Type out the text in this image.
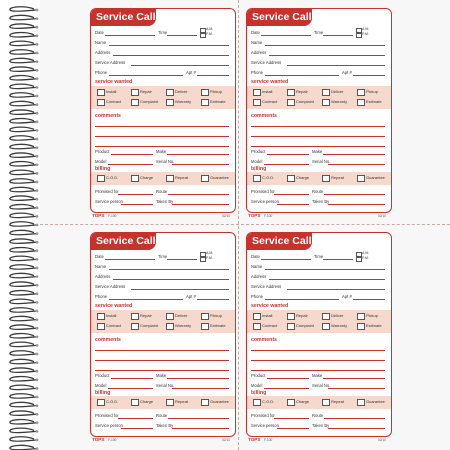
Service Call
Date	Time
A.M.
P.M.
Name
Address
Service Address
Phone	Apt #
service wanted
Install	Repair	Deliver	Pickup
Contract	Complaint	Warranty	Estimate
comments
Product	Make
Model	Serial No.
billing
C.O.D.	Charge	Repeat	Guarantee
Promised for	Route
Service person	Taken By
TOPS F-100	02/10
Service Call
Date	Time
A.M.
P.M.
Name
Address
Service Address
Phone	Apt #
service wanted
Install	Repair	Deliver	Pickup
Contract	Complaint	Warranty	Estimate
comments
Product	Make
Model	Serial No.
billing
C.O.D.	Charge	Repeat	Guarantee
Promised for	Route
Service person	Taken By
TOPS F-100	02/10
Service Call
Date	Time
A.M.
P.M.
Name
Address
Service Address
Phone	Apt #
service wanted
Install	Repair	Deliver	Pickup
Contract	Complaint	Warranty	Estimate
comments
Product	Make
Model	Serial No.
billing
C.O.D.	Charge	Repeat	Guarantee
Promised for	Route
Service person	Taken By
TOPS F-100	02/10
Service Call
Date	Time
A.M.
P.M.
Name
Address
Service Address
Phone	Apt #
service wanted
Install	Repair	Deliver	Pickup
Contract	Complaint	Warranty	Estimate
comments
Product	Make
Model	Serial No.
billing
C.O.D.	Charge	Repeat	Guarantee
Promised for	Route
Service person	Taken By
TOPS F-100	02/10
